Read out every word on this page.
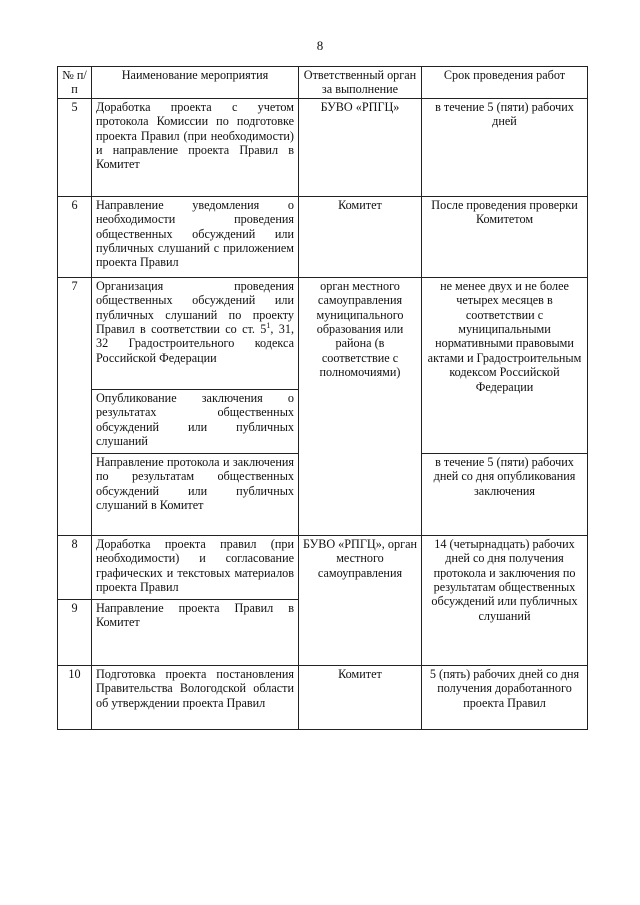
8
№ п/п	Наименование мероприятия	Ответственный орган за выполнение	Срок проведения работ
5	Доработка проекта с учетом протокола Комиссии по подготовке проекта Правил (при необходимости) и направление проекта Правил в Комитет	БУВО «РПГЦ»	в течение 5 (пяти) рабочих дней
6	Направление уведомления о необходимости проведения общественных обсуждений или публичных слушаний с приложением проекта Правил	Комитет	После проведения проверки Комитетом
7	Организация проведения общественных обсуждений или публичных слушаний по проекту Правил в соответствии со ст. $5^1$, 31, 32 Градостроительного кодекса Российской Федерации	орган местного самоуправления муниципального образования или района (в соответствие с полномочиями)	не менее двух и не более четырех месяцев в соответствии с муниципальными нормативными правовыми актами и Градостроительным кодексом Российской Федерации
	Опубликование заключения о результатах общественных обсуждений или публичных слушаний		
	Направление протокола и заключения по результатам общественных обсуждений или публичных слушаний в Комитет		в течение 5 (пяти) рабочих дней со дня опубликования заключения
8	Доработка проекта правил (при необходимости) и согласование графических и текстовых материалов проекта Правил	БУВО «РПГЦ», орган местного самоуправления	14 (четырнадцать) рабочих дней со дня получения протокола и заключения по результатам общественных обсуждений или публичных слушаний
9	Направление проекта Правил в Комитет		
10	Подготовка проекта постановления Правительства Вологодской области об утверждении проекта Правил	Комитет	5 (пять) рабочих дней со дня получения доработанного проекта Правил
